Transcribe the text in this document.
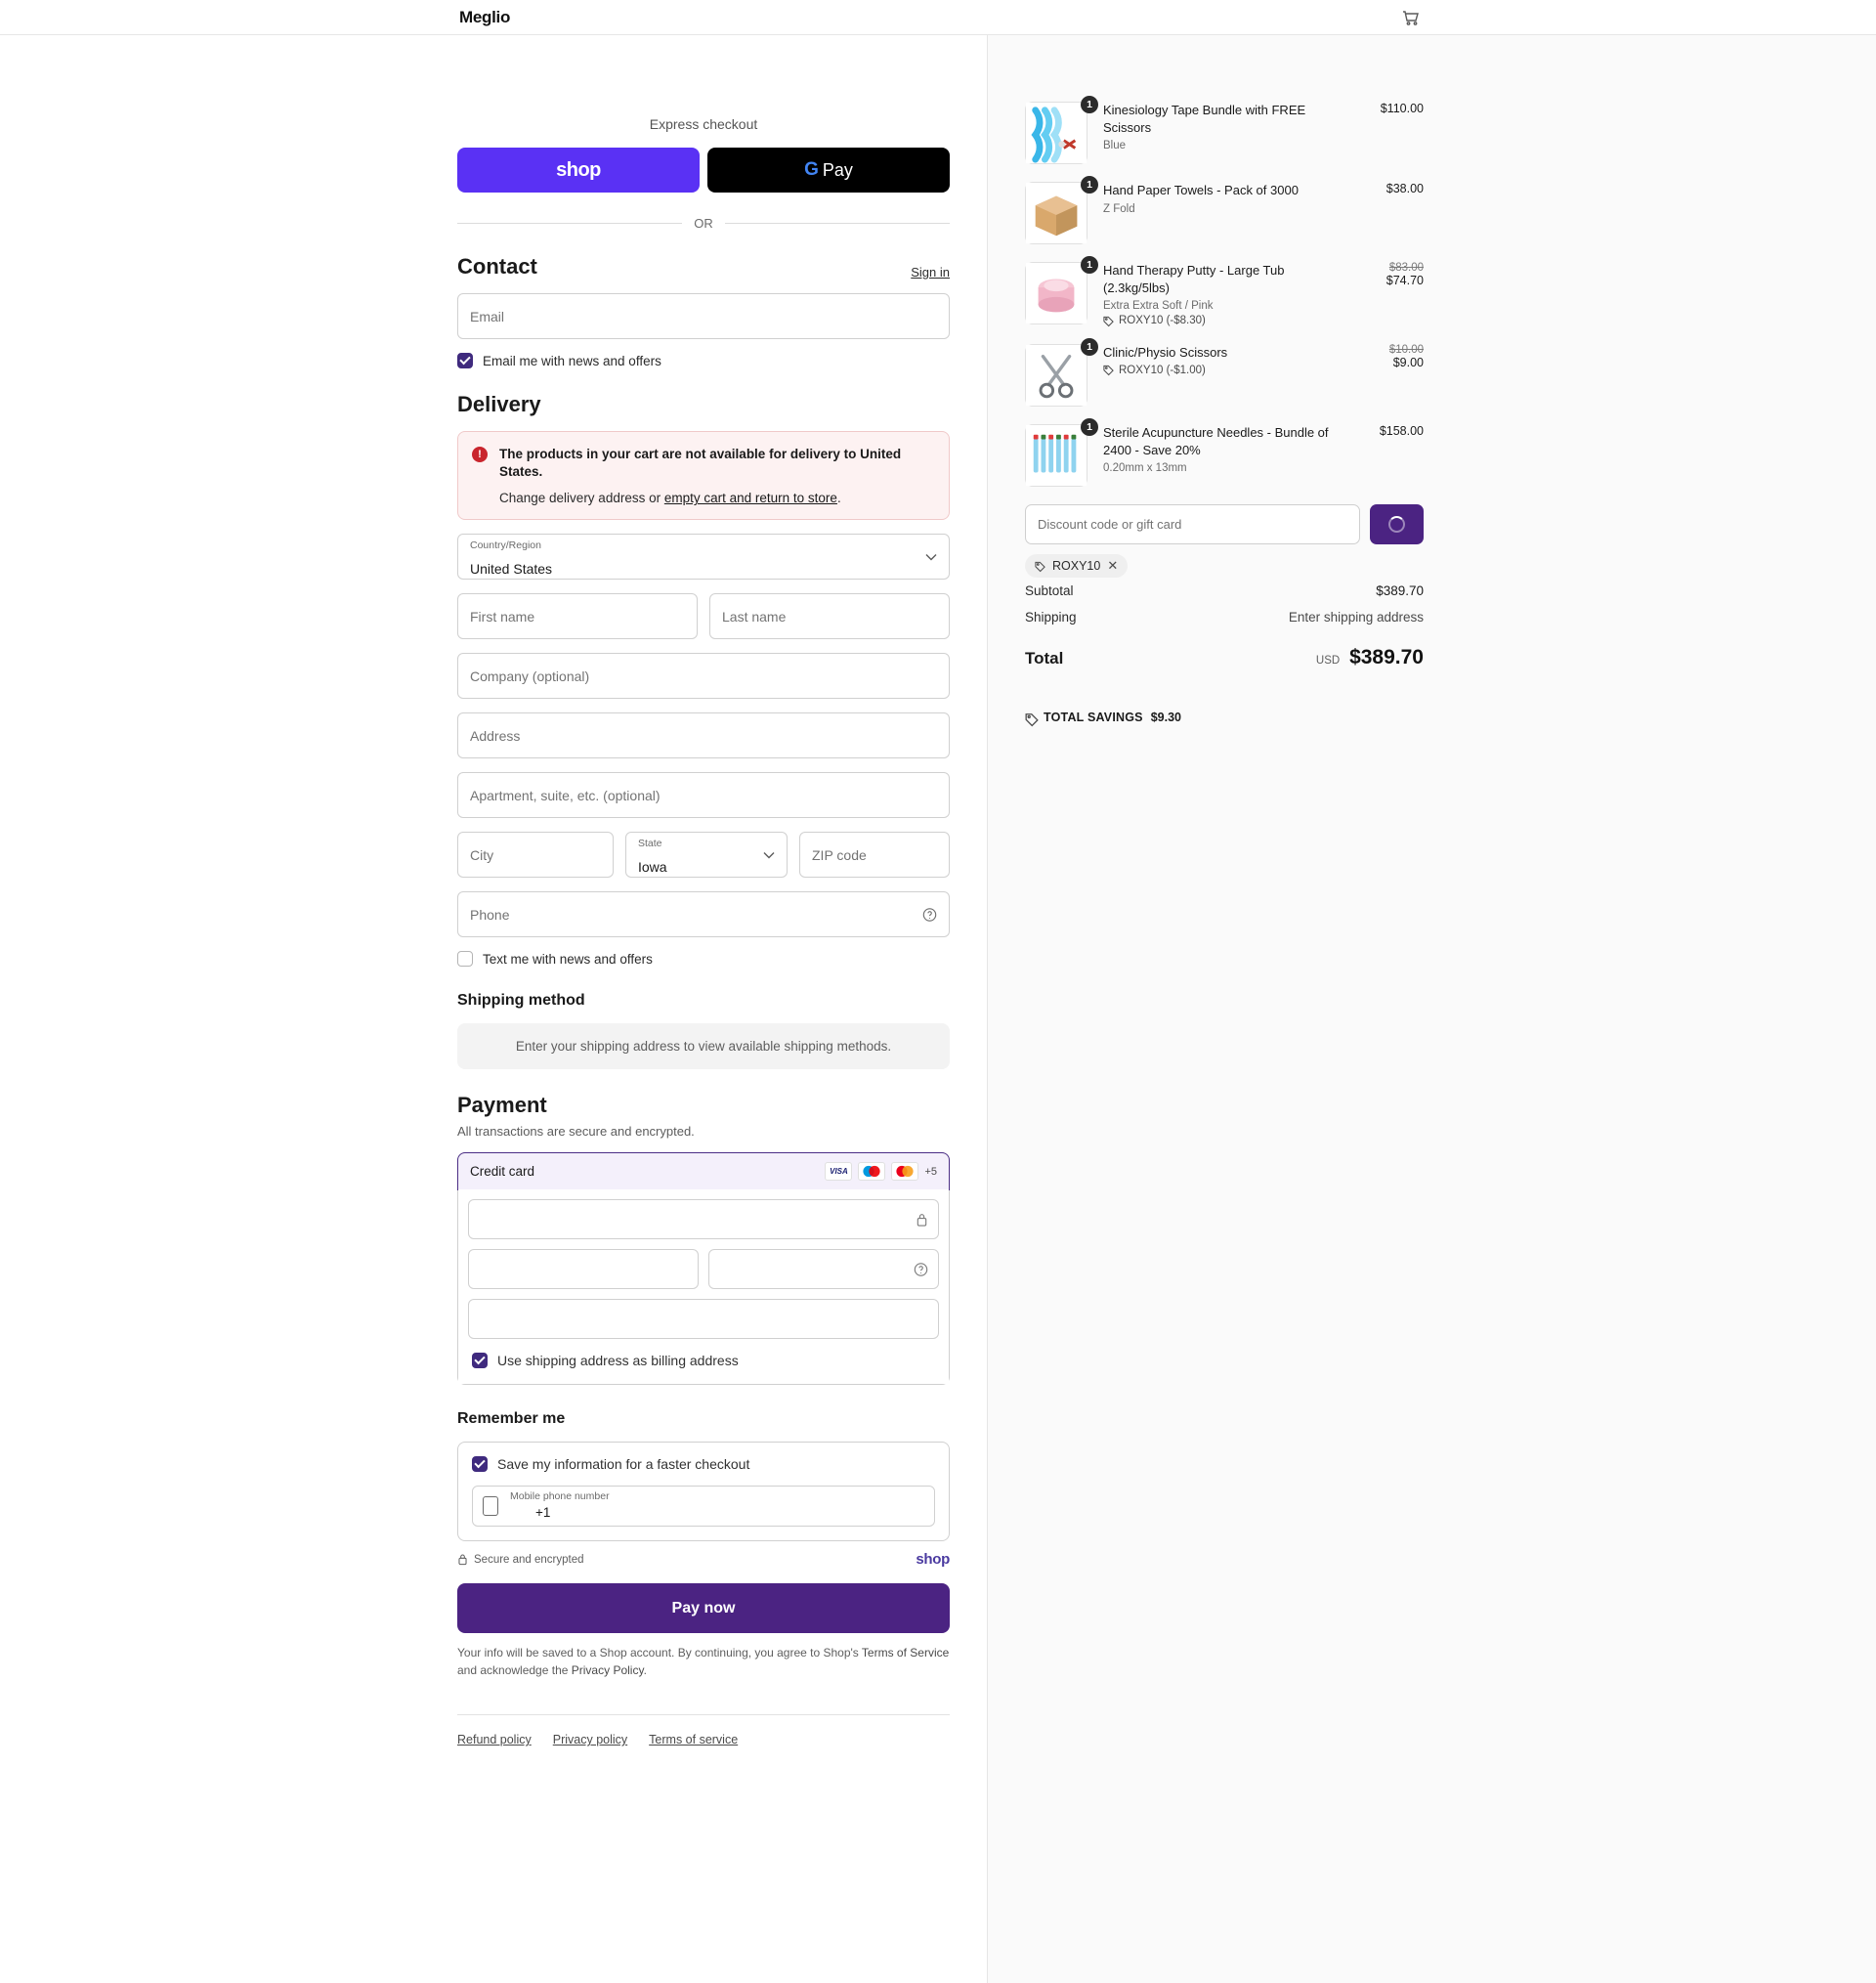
Meglio
Express checkout
shop	G Pay
OR
Contact	Sign in
Email
Email me with news and offers
Delivery
!	The products in your cart are not available for delivery to United States.
Change delivery address or empty cart and return to store.
Country/Region
United States
First name	Last name
Company (optional)
Address
Apartment, suite, etc. (optional)
City
State
Iowa
ZIP code
Phone
Text me with news and offers
Shipping method
Enter your shipping address to view available shipping methods.
Payment
All transactions are secure and encrypted.
Credit card	VISA	+5
Use shipping address as billing address
Remember me
Save my information for a faster checkout
Mobile phone number
+1
Secure and encrypted	shop
Pay now
Your info will be saved to a Shop account. By continuing, you agree to Shop's Terms of Service and acknowledge the Privacy Policy.
Refund policy Privacy policy Terms of service
1 Kinesiology Tape Bundle with FREE Scissors
Blue
$110.00
1 Hand Paper Towels - Pack of 3000
Z Fold
$38.00
1 Hand Therapy Putty - Large Tub (2.3kg/5lbs)
Extra Extra Soft / Pink
ROXY10 (-$8.30)
$83.00
$74.70
1 Clinic/Physio Scissors
ROXY10 (-$1.00)
$10.00
$9.00
1 Sterile Acupuncture Needles - Bundle of 2400 - Save 20%
0.20mm x 13mm
$158.00
Discount code or gift card
ROXY10 ✕
Subtotal	$389.70
Shipping	Enter shipping address
Total	USD $389.70
TOTAL SAVINGS $9.30
